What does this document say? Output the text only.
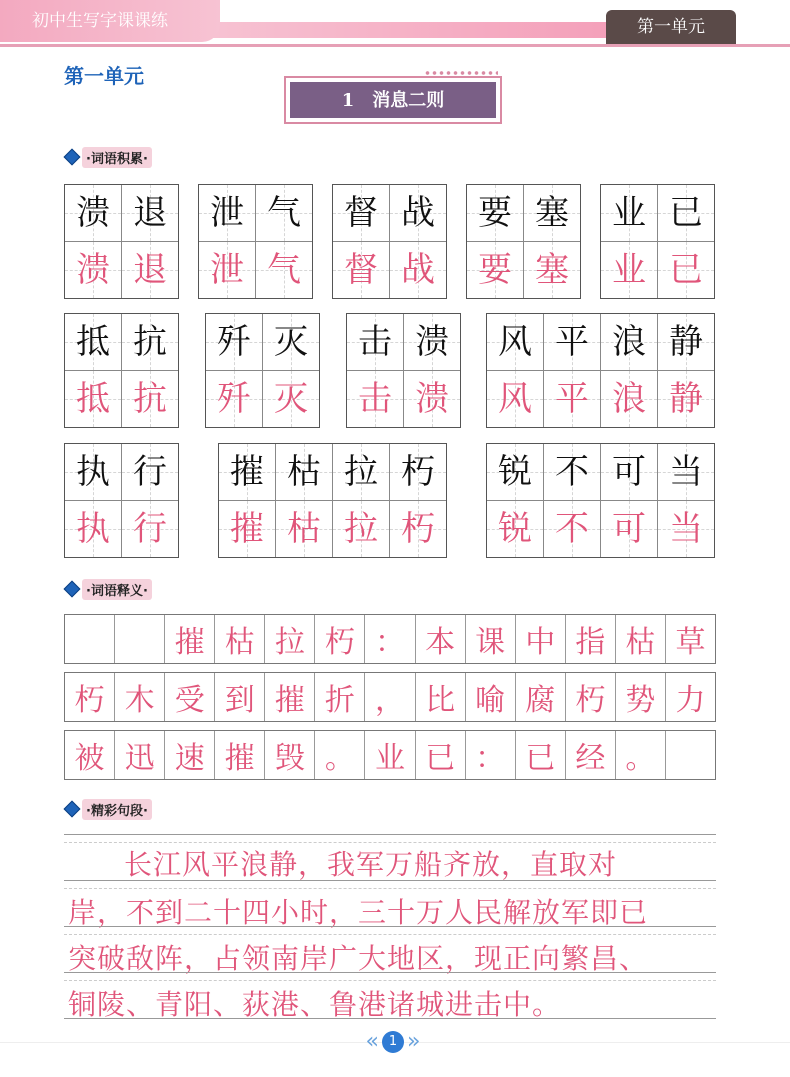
初中生写字课课练	第一单元
第一单元
1　消息二则
·词语积累·
溃
溃
退
退
泄
泄
气
气
督
督
战
战
要
要
塞
塞
业
业
已
已
抵
抵
抗
抗
歼
歼
灭
灭
击
击
溃
溃
风
风
平
平
浪
浪
静
静
执
执
行
行
摧
摧
枯
枯
拉
拉
朽
朽
锐
锐
不
不
可
可
当
当
·词语释义·
摧 枯 拉 朽 ： 本 课 中 指 枯 草
朽 木 受 到 摧 折 ， 比 喻 腐 朽 势 力
被 迅 速 摧 毁 。 业 已 ： 已 经 。
·精彩句段·
长江风平浪静，我军万船齐放，直取对
岸，不到二十四小时，三十万人民解放军即已
突破敌阵，占领南岸广大地区，现正向繁昌、
铜陵、青阳、荻港、鲁港诸城进击中。
« 1 »
